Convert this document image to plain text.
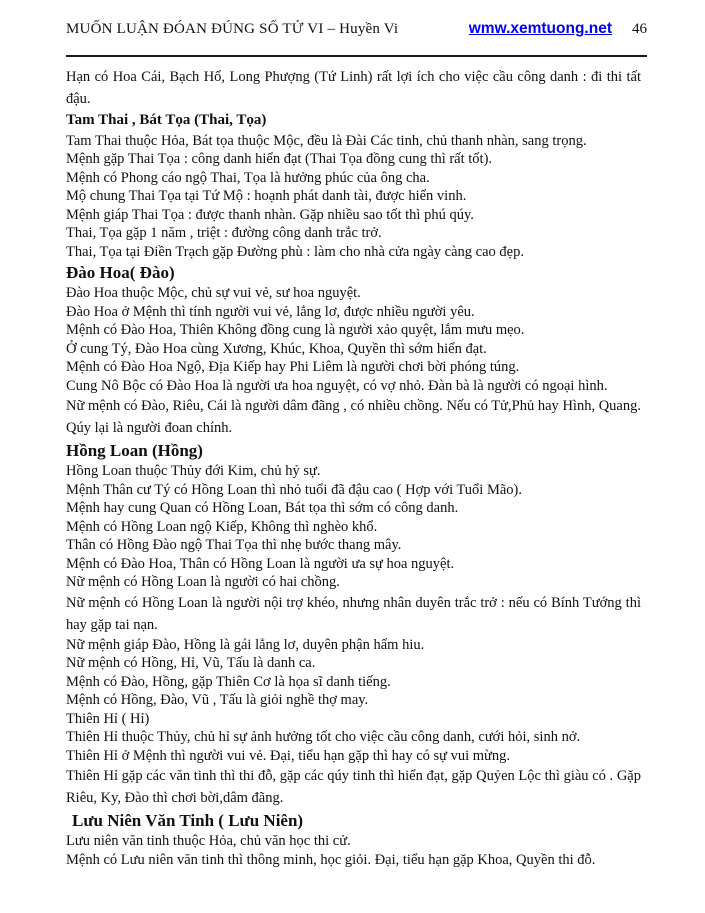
MUỐN LUẬN ĐÓAN ĐÚNG SỐ TỬ VI – Huyền Vi	wmw.xemtuong.net 46
Hạn có Hoa Cái, Bạch Hổ, Long Phượng (Tứ Linh) rất lợi ích cho việc cầu công danh : đi thi tất đậu.
Tam Thai , Bát Tọa (Thai, Tọa)
Tam Thai thuộc Hỏa, Bát tọa thuộc Mộc, đều là Đài Các tinh, chủ thanh nhàn, sang trọng.
Mệnh gặp Thai Tọa : công danh hiển đạt (Thai Tọa đồng cung thì rất tốt).
Mệnh có Phong cáo ngộ Thai, Tọa là hưởng phúc của ông cha.
Mộ chung Thai Tọa tại Tứ Mộ : hoạnh phát danh tài, được hiển vinh.
Mệnh giáp Thai Tọa : được thanh nhàn. Gặp nhiều sao tốt thì phú qúy.
Thai, Tọa gặp 1 năm , triệt : đường công danh trắc trở.
Thai, Tọa tại Điền Trạch gặp Đường phù : làm cho nhà cửa ngày càng cao đẹp.
Đào Hoa( Đào)
Đào Hoa thuộc Mộc, chủ sự vui vẻ, sư hoa nguyệt.
Đào Hoa ở Mệnh thì tính người vui vẻ, lẳng lơ, được nhiều người yêu.
Mệnh có Đào Hoa, Thiên Không đồng cung là người xảo quyệt, lắm mưu mẹo.
Ở cung Tý, Đào Hoa cùng Xương, Khúc, Khoa, Quyền thì sớm hiển đạt.
Mệnh có Đào Hoa Ngộ, Địa Kiếp hay Phi Liêm là người chơi bời phóng túng.
Cung Nô Bộc có Đào Hoa là người ưa hoa nguyệt, có vợ nhỏ. Đàn bà là người có ngoại hình.
Nữ mệnh có Đào, Riêu, Cái là người dâm đãng , có nhiều chồng. Nếu có Tử,Phủ hay Hình, Quang. Qúy lại là người đoan chính.
Hồng Loan (Hồng)
Hồng Loan thuộc Thủy đới Kim, chủ hỷ sự.
Mệnh Thân cư Tý có Hồng Loan thì nhỏ tuổi đã đậu cao ( Hợp với Tuổi Mão).
Mệnh hay cung Quan có Hồng Loan, Bát tọa thì sớm có công danh.
Mệnh có Hồng Loan ngộ Kiếp, Không thì nghèo khổ.
Thân có Hồng Đào ngộ Thai Tọa thì nhẹ bước thang mây.
Mệnh có Đào Hoa, Thân có Hồng Loan là người ưa sự hoa nguyệt.
Nữ mệnh có Hồng Loan là người có hai chồng.
Nữ mệnh có Hồng Loan là người nội trợ khéo, nhưng nhân duyên trắc trở : nếu có Bính Tướng thì hay gặp tai nạn.
Nữ mệnh giáp Đào, Hồng là gái lẳng lơ, duyên phận hẩm hiu.
Nữ mệnh có Hồng, Hỉ, Vũ, Tấu là danh ca.
Mệnh có Đào, Hồng, gặp Thiên Cơ là họa sĩ danh tiếng.
Mệnh có Hồng, Đào, Vũ , Tấu là giỏi nghề thợ may.
Thiên Hỉ ( Hỉ)
Thiên Hỉ thuộc Thủy, chủ hỉ sự ảnh hưởng tốt cho việc cầu công danh, cưới hỏi, sinh nở.
Thiên Hỉ ở Mệnh thì người vui vẻ. Đại, tiểu hạn gặp thì hay có sự vui mừng.
Thiên Hỉ gặp các văn tinh thì thi đỗ, gặp các qúy tinh thì hiển đạt, gặp Quỷen Lộc thì giàu có . Gặp Riêu, Ky, Đào thì chơi bời,dâm đãng.
Lưu Niên Văn Tinh ( Lưu Niên)
Lưu niên văn tinh thuộc Hỏa, chủ văn học thi cử.
Mệnh có Lưu niên văn tinh thì thông minh, học giỏi. Đại, tiểu hạn gặp Khoa, Quyền thi đỗ.
